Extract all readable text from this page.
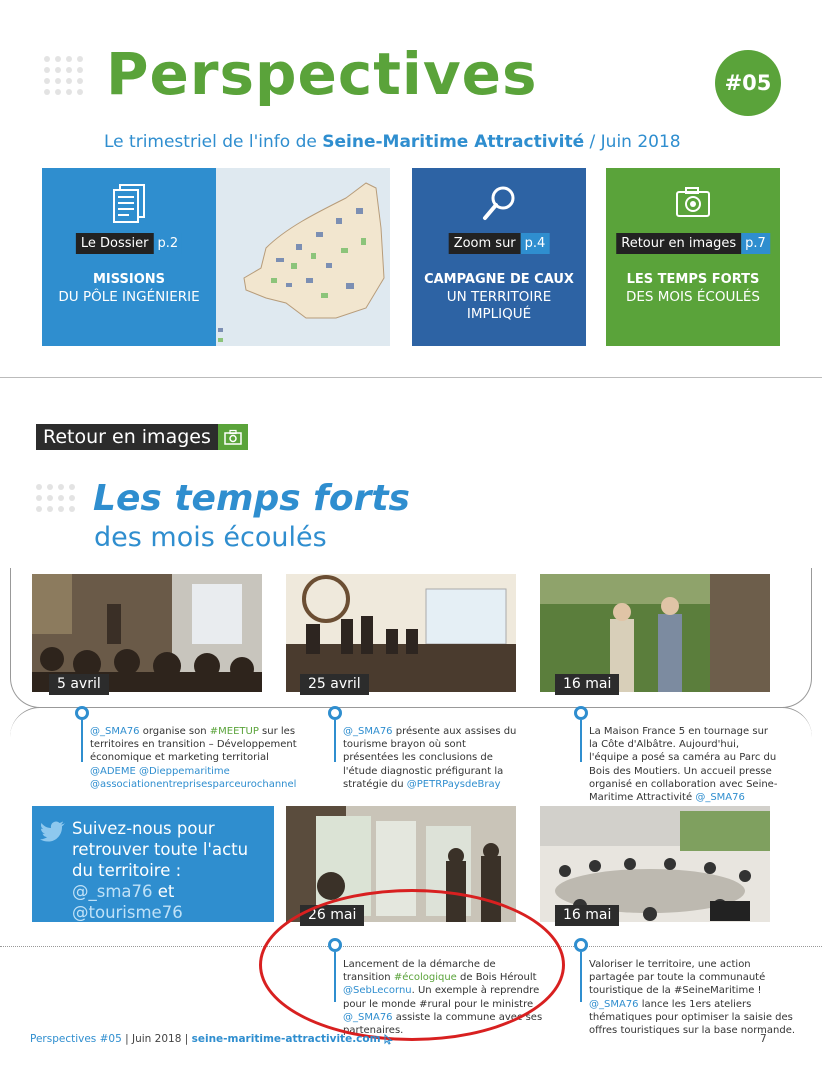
Perspectives	#05
Le trimestriel de l'info de Seine-Maritime Attractivité / Juin 2018
Le Dossier p.2
MISSIONS
DU PÔLE INGÉNIERIE
Zoom sur p.4
CAMPAGNE DE CAUX
UN TERRITOIRE IMPLIQUÉ
Retour en images p.7
LES TEMPS FORTS
DES MOIS ÉCOULÉS
Retour en images
Les temps forts
des mois écoulés
5 avril	25 avril	16 mai
@_SMA76 organise son #MEETUP sur les territoires en transition – Développement économique et marketing territorial @ADEME @Dieppemaritime @associationentreprisesparceurochannel
@_SMA76 présente aux assises du tourisme brayon où sont présentées les conclusions de l'étude diagnostic préfigurant la stratégie du @PETRPaysdeBray
La Maison France 5 en tournage sur la Côte d'Albâtre. Aujourd'hui, l'équipe a posé sa caméra au Parc du Bois des Moutiers. Un accueil presse organisé en collaboration avec Seine-Maritime Attractivité @_SMA76
Suivez-nous pour retrouver toute l'actu du territoire :
@_sma76 et @tourisme76	26 mai	16 mai
Lancement de la démarche de transition #écologique de Bois Héroult @SebLecornu. Un exemple à reprendre pour le monde #rural pour le ministre @_SMA76 assiste la commune avec ses partenaires.
Valoriser le territoire, une action partagée par toute la communauté touristique de la #SeineMaritime ! @_SMA76 lance les 1ers ateliers thématiques pour optimiser la saisie des offres touristiques sur la base normande.
Perspectives #05 | Juin 2018 | seine-maritime-attractivite.com	7
